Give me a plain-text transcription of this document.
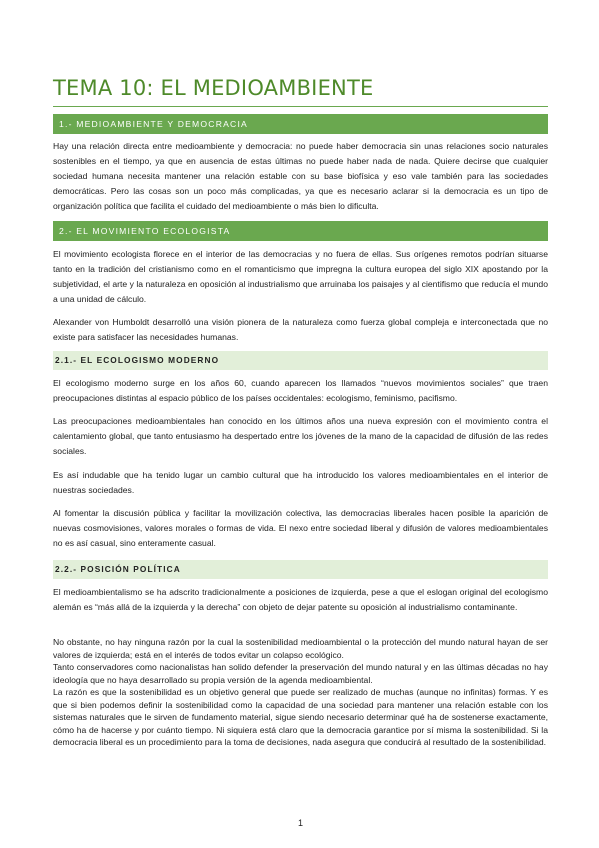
TEMA 10: EL MEDIOAMBIENTE
1.- MEDIOAMBIENTE Y DEMOCRACIA
Hay una relación directa entre medioambiente y democracia: no puede haber democracia sin unas relaciones socio naturales sostenibles en el tiempo, ya que en ausencia de estas últimas no puede haber nada de nada. Quiere decirse que cualquier sociedad humana necesita mantener una relación estable con su base biofísica y eso vale también para las sociedades democráticas. Pero las cosas son un poco más complicadas, ya que es necesario aclarar si la democracia es un tipo de organización política que facilita el cuidado del medioambiente o más bien lo dificulta.
2.- EL MOVIMIENTO ECOLOGISTA
El movimiento ecologista florece en el interior de las democracias y no fuera de ellas. Sus orígenes remotos podrían situarse tanto en la tradición del cristianismo como en el romanticismo que impregna la cultura europea del siglo XIX apostando por la subjetividad, el arte y la naturaleza en oposición al industrialismo que arruinaba los paisajes y al cientifismo que reducía el mundo a una unidad de cálculo.
Alexander von Humboldt desarrolló una visión pionera de la naturaleza como fuerza global compleja e interconectada que no existe para satisfacer las necesidades humanas.
2.1.- EL ECOLOGISMO MODERNO
El ecologismo moderno surge en los años 60, cuando aparecen los llamados “nuevos movimientos sociales” que traen preocupaciones distintas al espacio público de los países occidentales: ecologismo, feminismo, pacifismo.
Las preocupaciones medioambientales han conocido en los últimos años una nueva expresión con el movimiento contra el calentamiento global, que tanto entusiasmo ha despertado entre los jóvenes de la mano de la capacidad de difusión de las redes sociales.
Es así indudable que ha tenido lugar un cambio cultural que ha introducido los valores medioambientales en el interior de nuestras sociedades.
Al fomentar la discusión pública y facilitar la movilización colectiva, las democracias liberales hacen posible la aparición de nuevas cosmovisiones, valores morales o formas de vida. El nexo entre sociedad liberal y difusión de valores medioambientales no es así casual, sino enteramente casual.
2.2.- POSICIÓN POLÍTICA
El medioambientalismo se ha adscrito tradicionalmente a posiciones de izquierda, pese a que el eslogan original del ecologismo alemán es “más allá de la izquierda y la derecha” con objeto de dejar patente su oposición al industrialismo contaminante.
No obstante, no hay ninguna razón por la cual la sostenibilidad medioambiental o la protección del mundo natural hayan de ser valores de izquierda; está en el interés de todos evitar un colapso ecológico.
Tanto conservadores como nacionalistas han solido defender la preservación del mundo natural y en las últimas décadas no hay ideología que no haya desarrollado su propia versión de la agenda medioambiental.
La razón es que la sostenibilidad es un objetivo general que puede ser realizado de muchas (aunque no infinitas) formas. Y es que si bien podemos definir la sostenibilidad como la capacidad de una sociedad para mantener una relación estable con los sistemas naturales que le sirven de fundamento material, sigue siendo necesario determinar qué ha de sostenerse exactamente, cómo ha de hacerse y por cuánto tiempo. Ni siquiera está claro que la democracia garantice por sí misma la sostenibilidad. Si la democracia liberal es un procedimiento para la toma de decisiones, nada asegura que conducirá al resultado de la sostenibilidad.
1
